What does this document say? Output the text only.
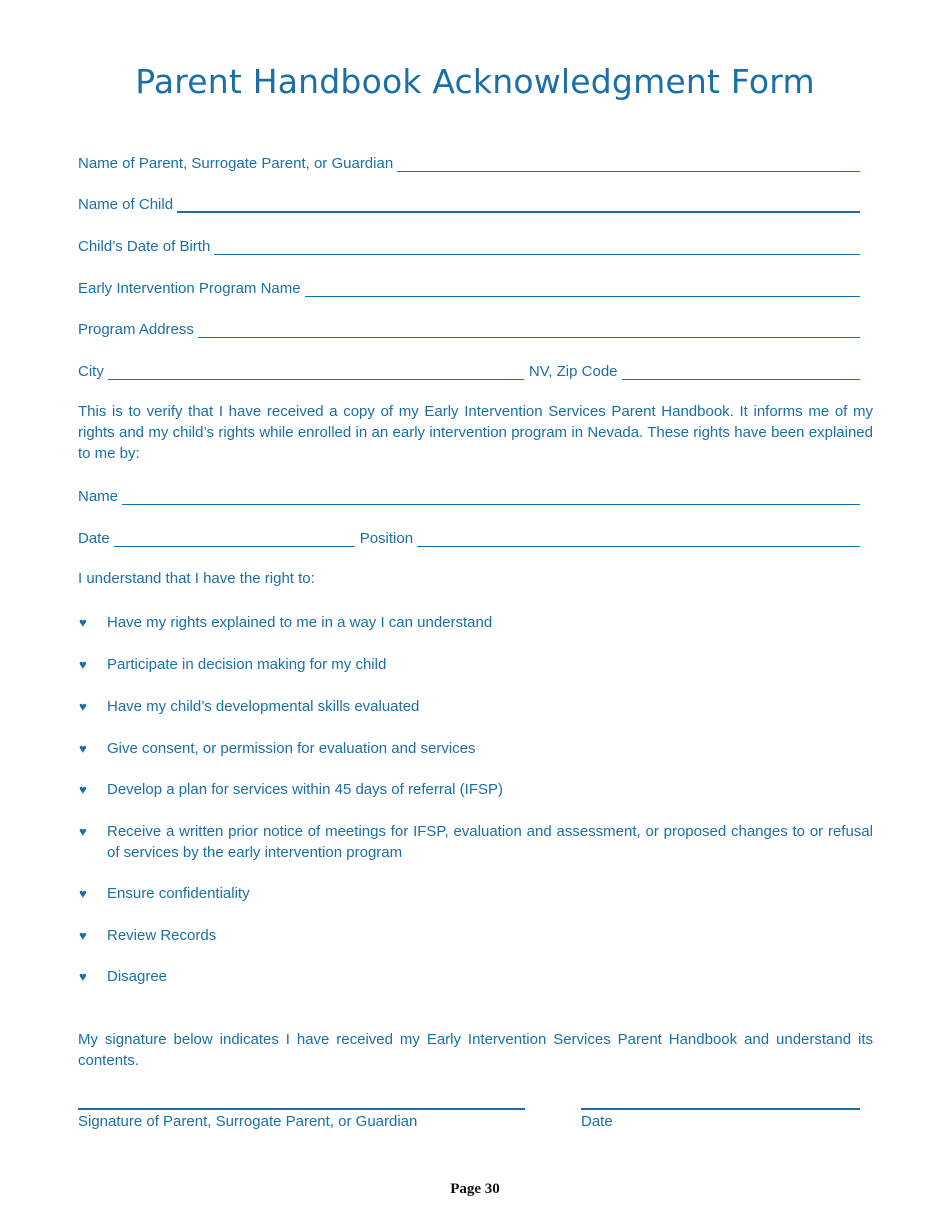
Parent Handbook Acknowledgment Form
Name of Parent, Surrogate Parent, or Guardian
Name of Child
Child’s Date of Birth
Early Intervention Program Name
Program Address
City	NV, Zip Code
This is to verify that I have received a copy of my Early Intervention Services Parent Handbook. It informs me of my rights and my child’s rights while enrolled in an early intervention program in Nevada. These rights have been explained to me by:
Name
Date	Position
I understand that I have the right to:
♥	Have my rights explained to me in a way I can understand
♥	Participate in decision making for my child
♥	Have my child’s developmental skills evaluated
♥	Give consent, or permission for evaluation and services
♥	Develop a plan for services within 45 days of referral (IFSP)
♥	Receive a written prior notice of meetings for IFSP, evaluation and assessment, or proposed changes to or refusal of services by the early intervention program
♥	Ensure confidentiality
♥	Review Records
♥	Disagree
My signature below indicates I have received my Early Intervention Services Parent Handbook and understand its contents.
Signature of Parent, Surrogate Parent, or Guardian	Date
Page 30
